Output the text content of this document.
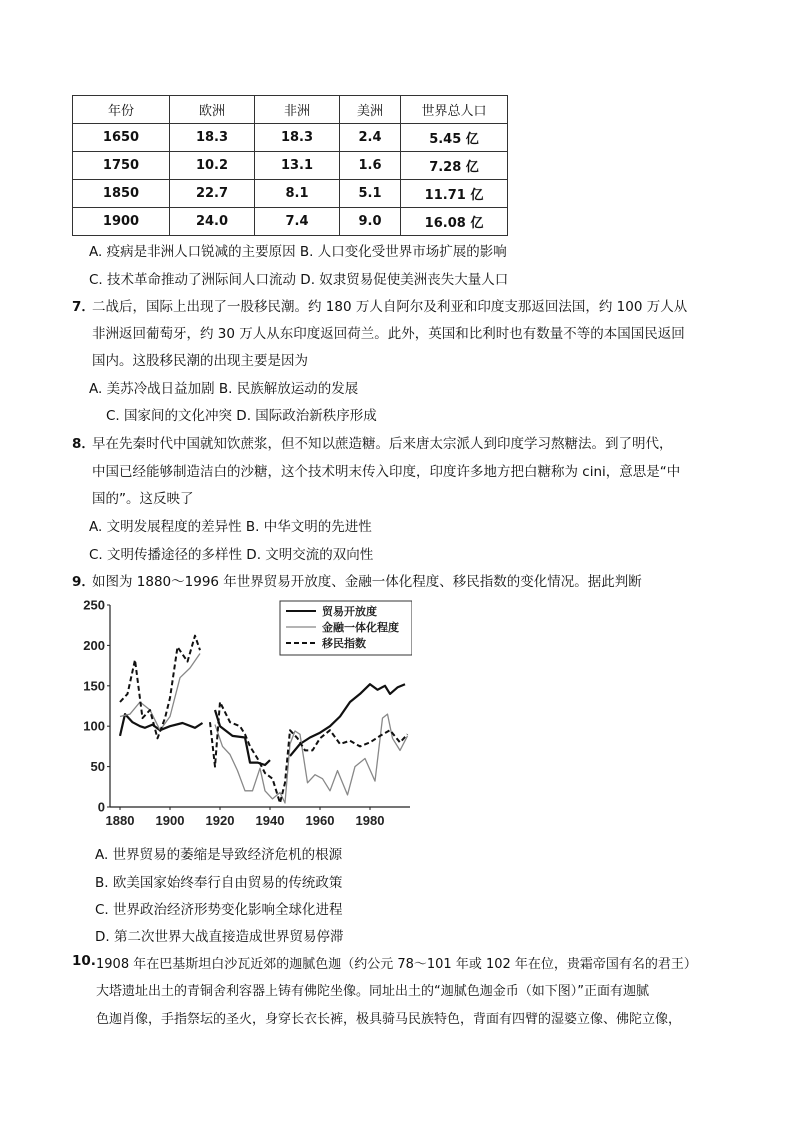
年份	欧洲	非洲	美洲	世界总人口
1650	18.3	18.3	2.4	5.45 亿
1750	10.2	13.1	1.6	7.28 亿
1850	22.7	8.1	5.1	11.71 亿
1900	24.0	7.4	9.0	16.08 亿
A. 疫病是非洲人口锐减的主要原因 B. 人口变化受世界市场扩展的影响
C. 技术革命推动了洲际间人口流动 D. 奴隶贸易促使美洲丧失大量人口
7．
二战后，国际上出现了一股移民潮。约 180 万人自阿尔及利亚和印度支那返回法国，约 100 万人从
非洲返回葡萄牙，约 30 万人从东印度返回荷兰。此外，英国和比利时也有数量不等的本国国民返回
国内。这股移民潮的出现主要是因为
A. 美苏冷战日益加剧 B. 民族解放运动的发展
C. 国家间的文化冲突 D. 国际政治新秩序形成
8．
早在先秦时代中国就知饮蔗浆，但不知以蔗造糖。后来唐太宗派人到印度学习熬糖法。到了明代，
中国已经能够制造洁白的沙糖，这个技术明末传入印度，印度许多地方把白糖称为 cini，意思是“中
国的”。这反映了
A. 文明发展程度的差异性 B. 中华文明的先进性
C. 文明传播途径的多样性 D. 文明交流的双向性
9．
如图为 1880～1996 年世界贸易开放度、金融一体化程度、移民指数的变化情况。据此判断
0
50
100
150
200
250
1880 1900 1920 1940 1960 1980
贸易开放度
金融一体化程度
移民指数
A. 世界贸易的萎缩是导致经济危机的根源
B. 欧美国家始终奉行自由贸易的传统政策
C. 世界政治经济形势变化影响全球化进程
D. 第二次世界大战直接造成世界贸易停滞
10. 1908 年在巴基斯坦白沙瓦近郊的迦腻色迦（约公元 78～101 年或 102 年在位，贵霜帝国有名的君王）
大塔遗址出土的青铜舍利容器上铸有佛陀坐像。同址出土的“迦腻色迦金币（如下图）”正面有迦腻
色迦肖像，手指祭坛的圣火，身穿长衣长裤，极具骑马民族特色，背面有四臂的湿婆立像、佛陀立像，
